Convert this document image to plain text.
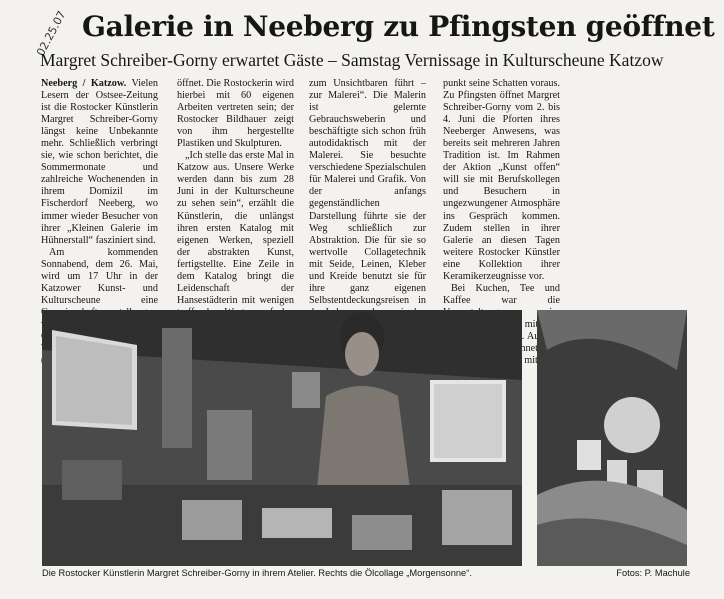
02.25.07 Galerie in Neeberg zu Pfingsten geöffnet
Margret Schreiber-Gorny erwartet Gäste – Samstag Vernissage in Kulturscheune Katzow

Neeberg / Katzow. Vielen Lesern der Ostsee-Zeitung ist die Rostocker Künstlerin Margret Schreiber-Gorny längst keine Unbekannte mehr. Schließlich verbringt sie, wie schon berichtet, die Sommermonate und zahlreiche Wochenenden in ihrem Domizil im Fischerdorf Neeberg, wo immer wieder Besucher von ihrer „Kleinen Galerie im Hühnerstall“ fasziniert sind.

Am kommenden Sonnabend, dem 26. Mai, wird um 17 Uhr in der Katzower Kunst- und Kulturscheune eine

öffnet. Die Rostockerin wird hierbei mit 60 eigenen Arbeiten vertreten sein; der Rostocker Bildhauer zeigt von ihm hergestellte Plastiken und Skulpturen.

„Ich stelle das erste Mal in Katzow aus. Unsere Werke werden dann bis zum 28 Juni in der Kulturscheune zu sehen sein“, erzählt die Künstlerin, die unlängst ihren ersten Katalog mit eigenen Werken, speziell der abstrakten Kunst, fertigstellte. Eine Zeile in dem Katalog bringt die Leidenschaft der Hansestädterin mit wenigen

zum Unsichtbaren führt – zur Malerei“. Die Malerin ist gelernte Gebrauchsweberin und beschäftigte sich schon früh autodidaktisch mit der Malerei. Sie besuchte verschiedene Spezialschulen für Malerei und Grafik. Von der anfangs gegenständlichen Darstellung führte sie der Weg schließlich zur Abstraktion. Die für sie so wertvolle Collagetechnik mit Seide, Leinen, Kleber und Kreide benutzt sie für ihre ganz eigenen Selbstentdeckungsreisen in

punkt seine Schatten voraus. Zu Pfingsten öffnet Margret Schreiber-Gorny vom 2. bis 4. Juni die Pforten ihres Neeberger Anwesens, was bereits seit mehreren Jahren Tradition ist. Im Rahmen der Aktion „Kunst offen“ will sie mit Berufskollegen und Besuchern in ungezwungener Atmosphäre ins Gespräch kommen. Zudem stellen in ihrer Galerie an diesen Tagen weitere Rostocker Künstler eine Kollektion ihrer Keramikerzeugnisse vor.

Bei Kuchen, Tee und Kaffee war die mit rechnet mit

Die Rostocker Künstlerin Margret Schreiber-Gorny in ihrem Atelier. Rechts die Ölcollage „Morgensonne“.	Fotos: P. Machule
